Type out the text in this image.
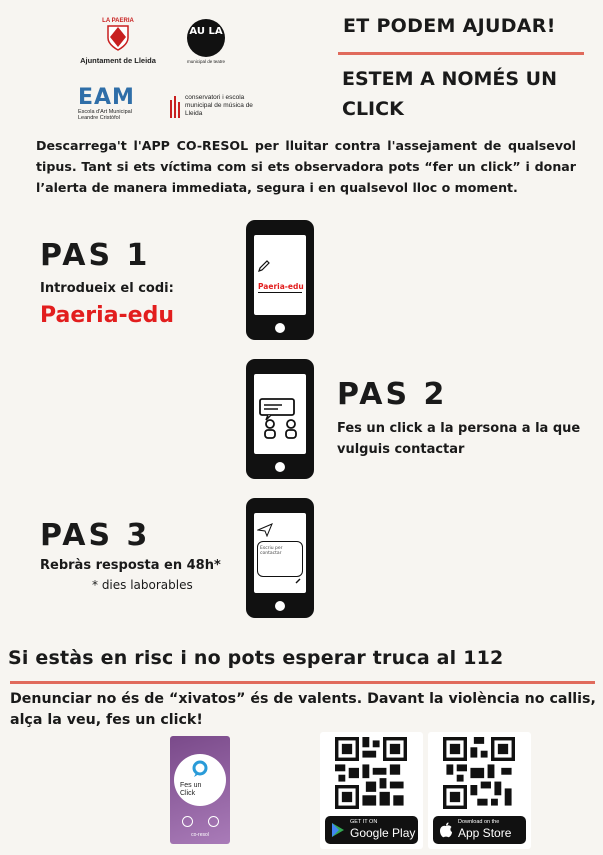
LA PAERIA
Ajuntament de Lleida
AU LA
municipal de teatre
EAM
Escola d'Art Municipal
Leandre Cristòfol
conservatori i escola municipal de música de Lleida
ET PODEM AJUDAR!
ESTEM A NOMÉS UN CLICK
Descarrega't l'APP CO-RESOL per lluitar contra l'assejament de qualsevol tipus. Tant si ets víctima com si ets observadora pots “fer un click” i donar l’alerta de manera immediata, segura i en qualsevol lloc o moment.
PAS 1
Introdueix el codi:
Paeria-edu
Paeria-edu
PAS 2
Fes un click a la persona a la que vulguis contactar
PAS 3
Rebràs resposta en 48h*
* dies laborables
Escriu per contactar
Si estàs en risc i no pots esperar truca al 112
Denunciar no és de “xivatos” és de valents. Davant la violència no callis, alça la veu, fes un click!
Fes un Click
co-resol
GET IT ON
Google Play
Download on the
App Store
